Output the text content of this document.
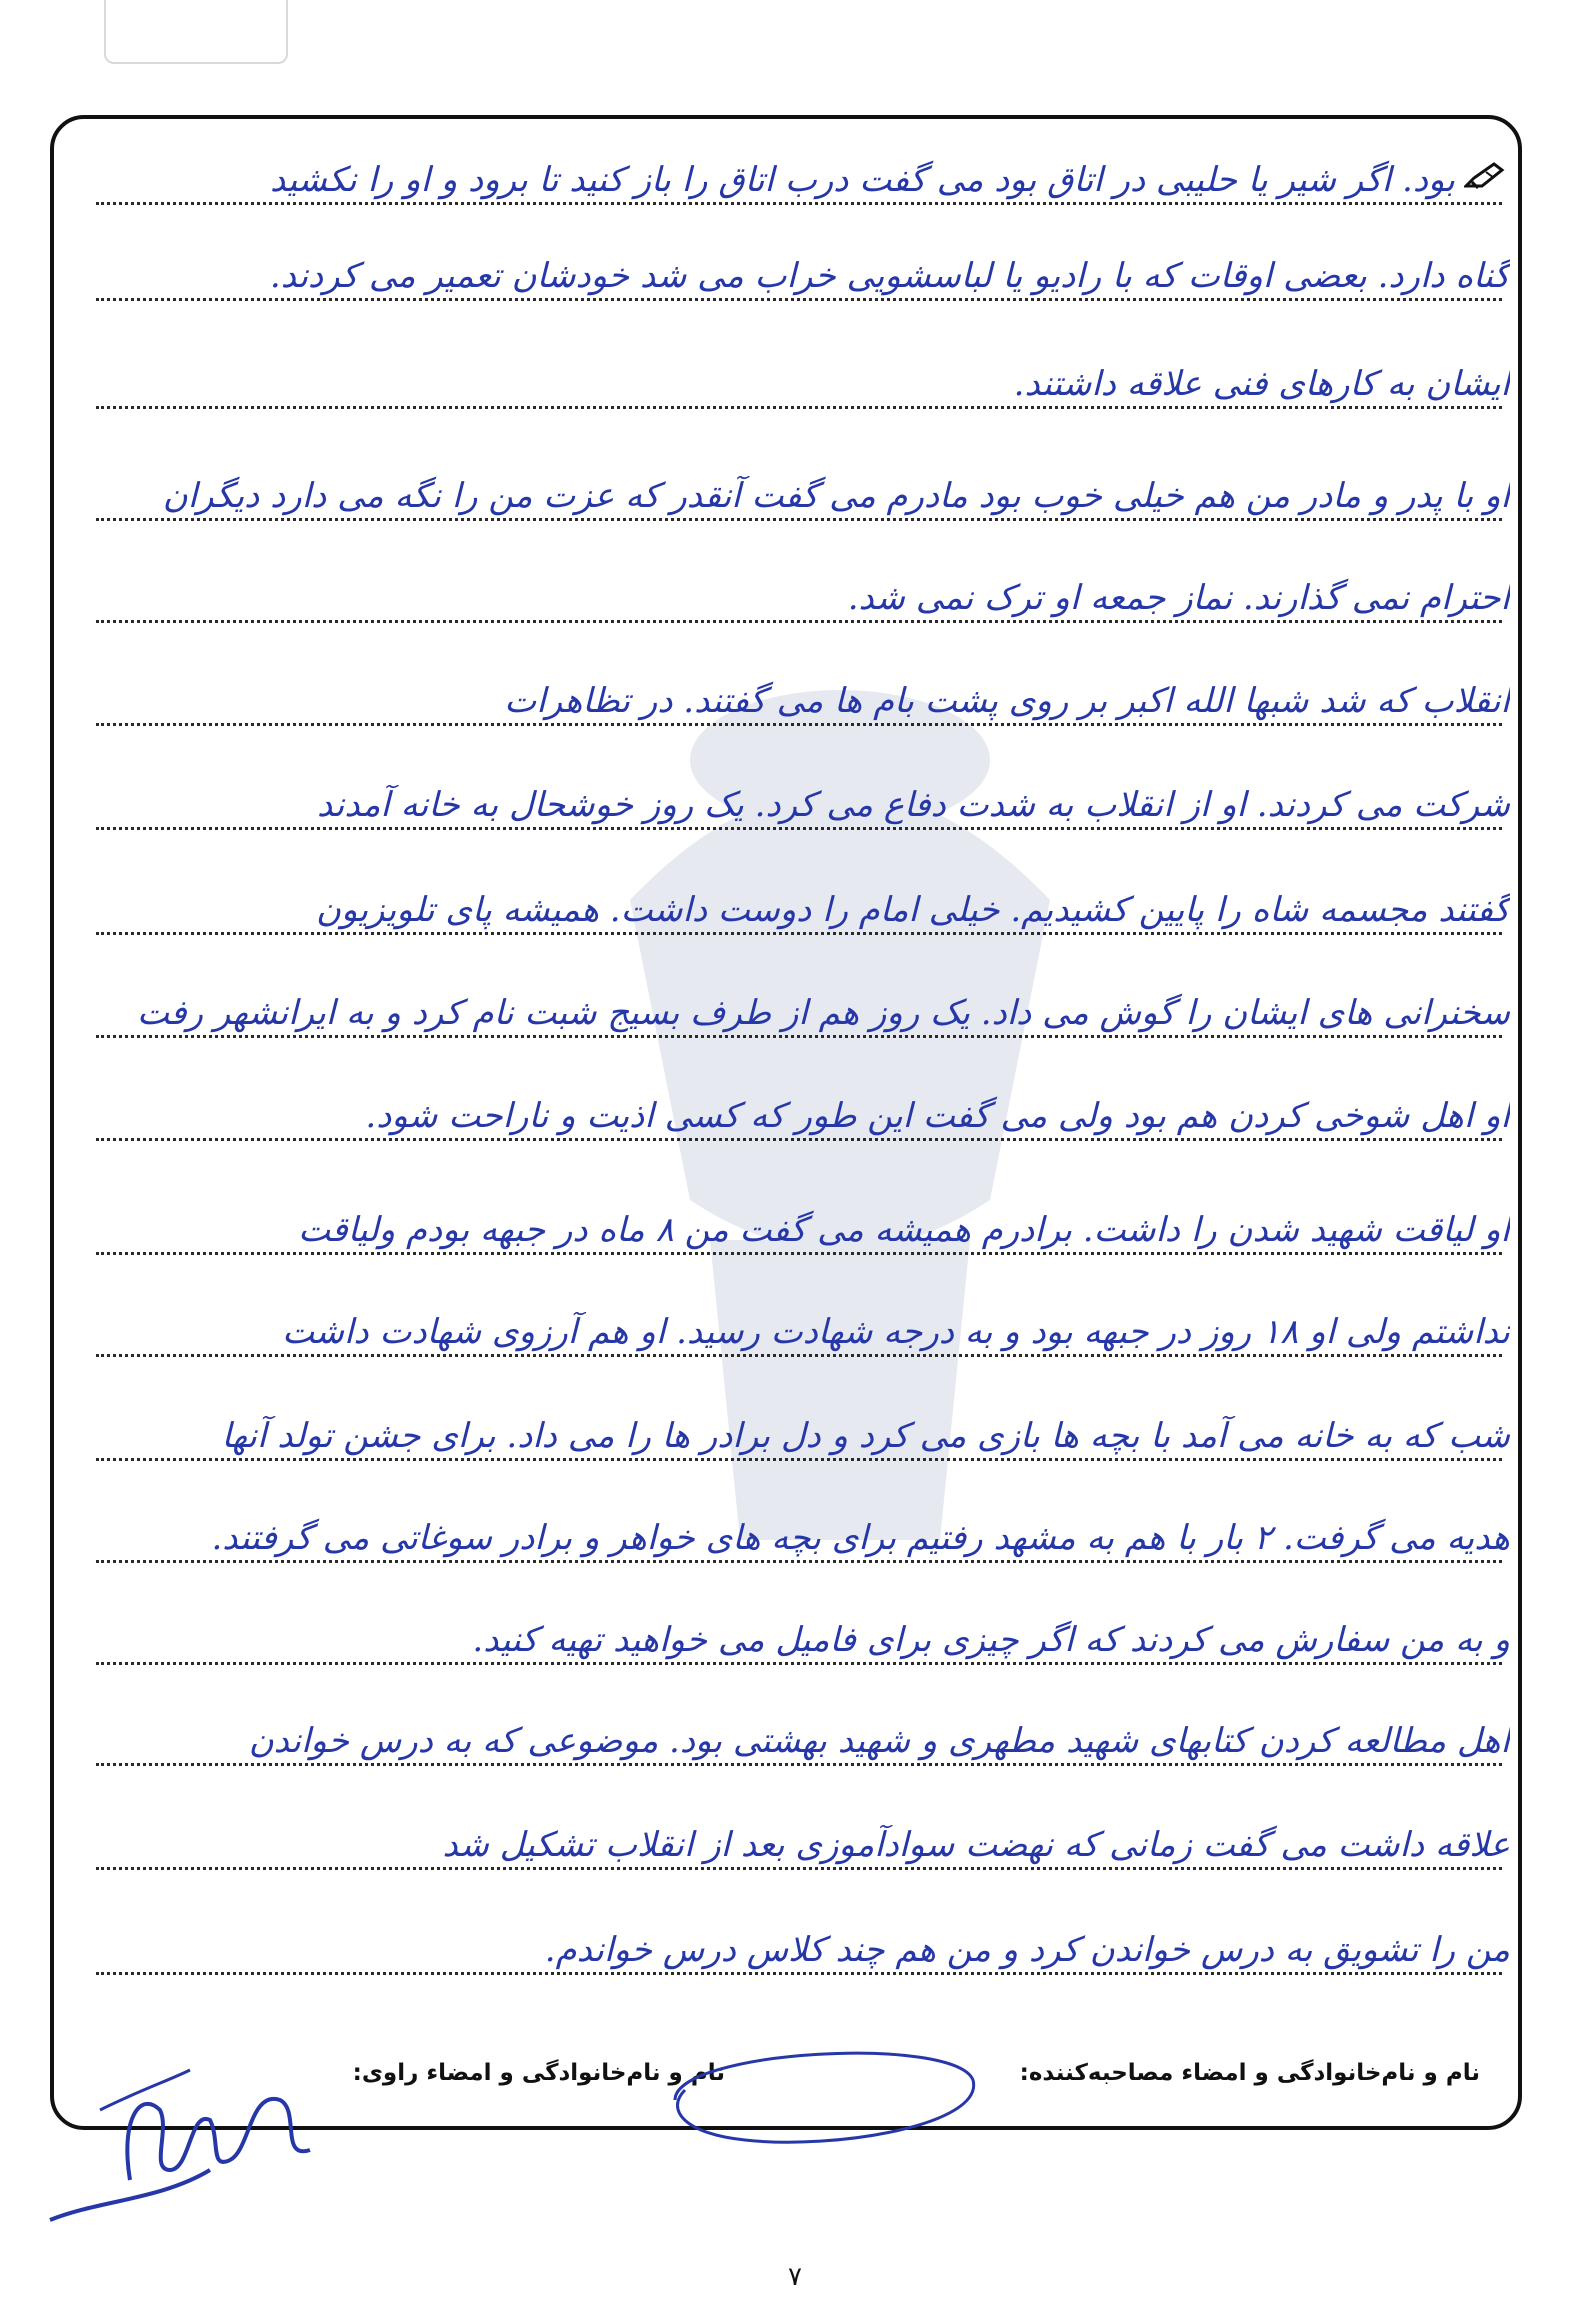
بود. اگر شیر یا حلیبی در اتاق بود می گفت درب اتاق را باز کنید تا برود و او را نکشید
گناه دارد. بعضی اوقات که با رادیو یا لباسشویی خراب می شد خودشان تعمیر می کردند.
ایشان به کارهای فنی علاقه داشتند.
او با پدر و مادر من هم خیلی خوب بود مادرم می گفت آنقدر که عزت من را نگه می دارد دیگران
احترام نمی گذارند. نماز جمعه او ترک نمی شد.
انقلاب که شد شبها الله اکبر بر روی پشت بام ها می گفتند. در تظاهرات
شرکت می کردند. او از انقلاب به شدت دفاع می کرد. یک روز خوشحال به خانه آمدند
گفتند مجسمه شاه را پایین کشیدیم. خیلی امام را دوست داشت. همیشه پای تلویزیون
سخنرانی های ایشان را گوش می داد. یک روز هم از طرف بسیج شبت نام کرد و به ایرانشهر رفت
او اهل شوخی کردن هم بود ولی می گفت این طور که کسی اذیت و ناراحت شود.
او لیاقت شهید شدن را داشت. برادرم همیشه می گفت من ۸ ماه در جبهه بودم ولیاقت
نداشتم ولی او ۱۸ روز در جبهه بود و به درجه شهادت رسید. او هم آرزوی شهادت داشت
شب که به خانه می آمد با بچه ها بازی می کرد و دل برادر ها را می داد. برای جشن تولد آنها
هدیه می گرفت. ۲ بار با هم به مشهد رفتیم برای بچه های خواهر و برادر سوغاتی می گرفتند.
و به من سفارش می کردند که اگر چیزی برای فامیل می خواهید تهیه کنید.
اهل مطالعه کردن کتابهای شهید مطهری و شهید بهشتی بود. موضوعی که به درس خواندن
علاقه داشت می گفت زمانی که نهضت سوادآموزی بعد از انقلاب تشکیل شد
من را تشویق به درس خواندن کرد و من هم چند کلاس درس خواندم.
نام و نام‌خانوادگی و امضاء مصاحبه‌کننده:
نام و نام‌خانوادگی و امضاء راوی:
۷
